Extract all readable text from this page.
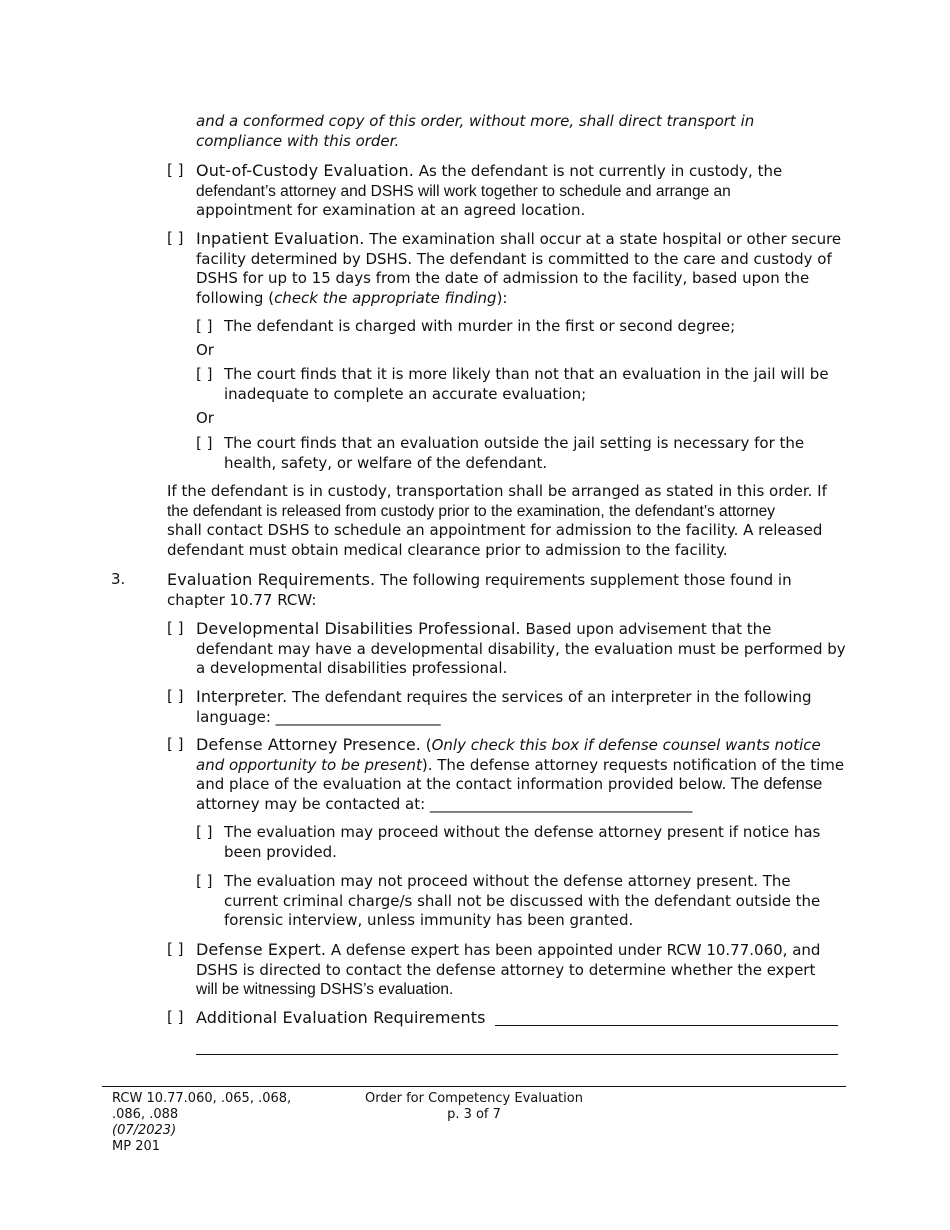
and a conformed copy of this order, without more, shall direct transport in
compliance with this order.
[ ] Out-of-Custody Evaluation. As the defendant is not currently in custody, the
defendant’s attorney and DSHS will work together to schedule and arrange an
appointment for examination at an agreed location.
[ ] Inpatient Evaluation. The examination shall occur at a state hospital or other secure
facility determined by DSHS. The defendant is committed to the care and custody of
DSHS for up to 15 days from the date of admission to the facility, based upon the
following (check the appropriate finding):
[ ] The defendant is charged with murder in the first or second degree;
Or
[ ] The court finds that it is more likely than not that an evaluation in the jail will be
inadequate to complete an accurate evaluation;
Or
[ ] The court finds that an evaluation outside the jail setting is necessary for the
health, safety, or welfare of the defendant.
If the defendant is in custody, transportation shall be arranged as stated in this order. If
the defendant is released from custody prior to the examination, the defendant’s attorney
shall contact DSHS to schedule an appointment for admission to the facility. A released
defendant must obtain medical clearance prior to admission to the facility.
3.	Evaluation Requirements. The following requirements supplement those found in
chapter 10.77 RCW:
[ ] Developmental Disabilities Professional. Based upon advisement that the
defendant may have a developmental disability, the evaluation must be performed by
a developmental disabilities professional.
[ ] Interpreter. The defendant requires the services of an interpreter in the following
language: ______________________
[ ] Defense Attorney Presence. (Only check this box if defense counsel wants notice
and opportunity to be present). The defense attorney requests notification of the time
and place of the evaluation at the contact information provided below. The defense
attorney may be contacted at: ___________________________________
[ ] The evaluation may proceed without the defense attorney present if notice has
been provided.
[ ] The evaluation may not proceed without the defense attorney present. The
current criminal charge/s shall not be discussed with the defendant outside the
forensic interview, unless immunity has been granted.
[ ] Defense Expert. A defense expert has been appointed under RCW 10.77.060, and
DSHS is directed to contact the defense attorney to determine whether the expert
will be witnessing DSHS’s evaluation.
[ ] Additional Evaluation Requirements
RCW 10.77.060, .065, .068,
.086, .088
(07/2023)
MP 201
Order for Competency Evaluation
p. 3 of 7
